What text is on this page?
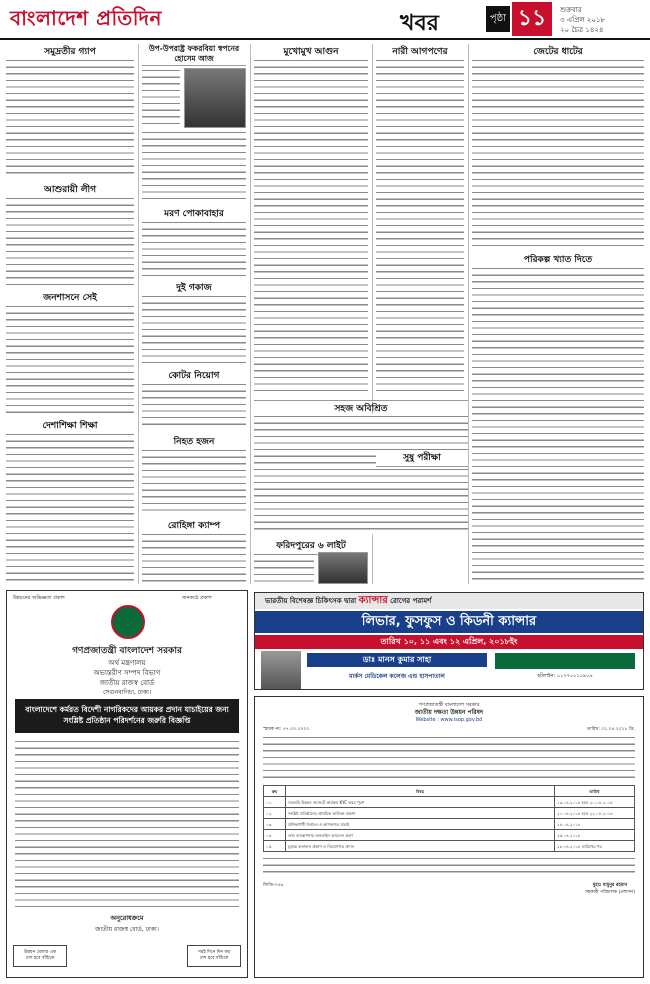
বাংলাদেশ প্রতিদিন	খবর	পৃষ্ঠা ১১	শুক্রবার
৩ এপ্রিল ২০১৮
২০ চৈত্র ১৪২৪
সমুদ্রতীর গ্যাপ
আশুরায়ী লীগ
জনশাসনে সেই
দেশাশিক্ষা শিক্ষা
উপ-উপরাষ্ট্র ফকরবিয়া স্বপনের হোসেম আজ
মরণ পোকাবাহার
দুই গকাজ
কোটর নিয়োগ
নিহত হজন
রোহিঙ্গা ক্যাম্প
মুখোমুখ আগুন
সহজ অবিশ্রিত
ফরিদপুরের ৬ লাইট
নারী আগপণের
সুষু পরীক্ষা
জেটের ধাটের
পরিকল্প খ্যাত দিতে
উন্নয়নের অভিজ্ঞতা প্রকাশ	জনকণ্ঠে প্রকাশ
গণপ্রজাতন্ত্রী বাংলাদেশ সরকার
অর্থ মন্ত্রণালয়
অভ্যন্তরীণ সম্পদ বিভাগ
জাতীয় রাজস্ব বোর্ড
সেগুনবাগিচা, ঢাকা।
বাংলাদেশে কর্মরত বিদেশী নাগরিকদের আয়কর প্রদান যাচাইয়ের জন্য সংশ্লিষ্ট প্রতিষ্ঠান পরিদর্শনের জরুরি বিজ্ঞপ্তি
অনুরোধক্রমে
জাতীয় রাজস্ব বোর্ড, ঢাকা।
উন্নয়ন মেলার এক
দেশ হবে বাঁচিকে
সরই দিনে দিন কর
দেশ হবে বাঁচিকে
ভারতীয় বিশেষজ্ঞ চিকিৎসক দ্বারা ক্যান্সার রোগের পরামর্শ
লিভার, ফুসফুস ও কিডনী ক্যান্সার
তারিখ ১০, ১১ এবং ১২ এপ্রিল, ২০১৮ইং
ডাঃ মানস কুমার সাহা
মার্কস মেডিকেল কলেজ এন্ড হাসপাতাল	হটলাইন: ০১৭৭০০১০৯০৯
গণপ্রজাতন্ত্রী বাংলাদেশ সরকার
জাতীয় দক্ষতা উন্নয়ন পরিষদ
Website : www.isop.gov.bd
স্মারক নং: ৫৭.০০.০০০০	তারিখ: ০২.০৪.২০১৮ খ্রি.
ক্রম	বিষয়	তারিখ
০১.	সরকারি উন্নয়ন বাজেটে কার্যক্রম KYC ফরম পূরণ	১৯.০৪.২০১৮ হতে ২০.০৪.২০১৮
০২.	সংশ্লিষ্ট প্রতিষ্ঠানের প্রাথমিক তালিকা প্রকাশ	২০.০৪.২০১৮ হতে ২২.০৪.২০১৮
০৩.	প্রশিক্ষণার্থী নির্বাচন ও কাগজপত্র যাচাই	২৪.০৪.২০১৮
০৪.	তথ্য ব্যবস্থাপনায় অনলাইন আবেদন গ্রহণ	২৬.০৪.২০১৮
০৫.	চূড়ান্ত ফলাফল প্রকাশ ও নিয়োগপত্র প্রদান	২৮.০৪.২০১৮ তারিখের পর
জিডি-৩৫৬	মুহাঃ মামুনুর রহমান
সহকারী পরিচালক (প্রশাসন)
